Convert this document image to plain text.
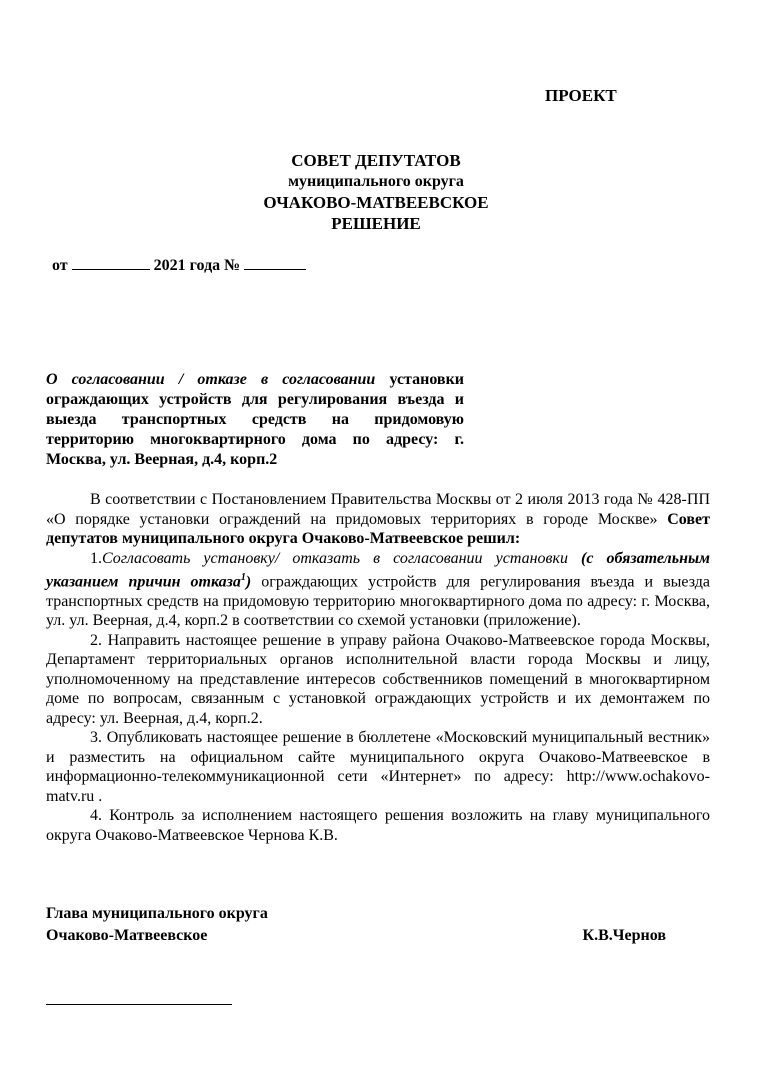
ПРОЕКТ
СОВЕТ ДЕПУТАТОВ
муниципального округа
ОЧАКОВО-МАТВЕЕВСКОЕ
РЕШЕНИЕ
от	2021 года №
О согласовании / отказе в согласовании установки ограждающих устройств для регулирования въезда и выезда транспортных средств на придомовую территорию многоквартирного дома по адресу: г. Москва, ул. Веерная, д.4, корп.2

В соответствии с Постановлением Правительства Москвы от 2 июля 2013 года № 428-ПП «О порядке установки ограждений на придомовых территориях в городе Москве» Совет депутатов муниципального округа Очаково-Матвеевское решил:

1.Согласовать установку/ отказать в согласовании установки (с обязательным указанием причин отказа$^1$) ограждающих устройств для регулирования въезда и выезда транспортных средств на придомовую территорию многоквартирного дома по адресу: г. Москва, ул. ул. Веерная, д.4, корп.2 в соответствии со схемой установки (приложение).

2. Направить настоящее решение в управу района Очаково-Матвеевское города Москвы, Департамент территориальных органов исполнительной власти города Москвы и лицу, уполномоченному на представление интересов собственников помещений в многоквартирном доме по вопросам, связанным с установкой ограждающих устройств и их демонтажем по адресу: ул. Веерная, д.4, корп.2.

3. Опубликовать настоящее решение в бюллетене «Московский муниципальный вестник» и разместить на официальном сайте муниципального округа Очаково-Матвеевское в информационно-телекоммуникационной сети «Интернет» по адресу: http://www.ochakovo-matv.ru .

4. Контроль за исполнением настоящего решения возложить на главу муниципального округа Очаково-Матвеевское Чернова К.В.

Глава муниципального округа
Очаково-Матвеевское	К.В.Чернов
